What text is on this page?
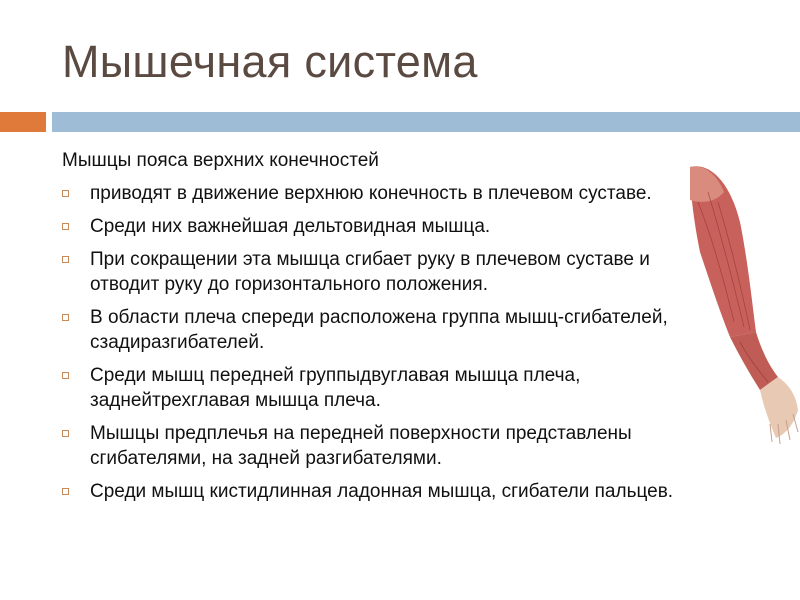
Мышечная система
Мышцы пояса верхних конечностей
приводят в движение верхнюю конечность в плечевом суставе.
Среди них важнейшая дельтовидная мышца.
При сокращении эта мышца сгибает руку в плечевом суставе и отводит руку до горизонтального положения.
В области плеча спереди расположена группа мышц-сгибателей, сзадиразгибателей.
Среди мышц передней группыдвуглавая мышца плеча, заднейтрехглавая мышца плеча.
Мышцы предплечья на передней поверхности представлены сгибателями, на задней разгибателями.
Среди мышц кистидлинная ладонная мышца, сгибатели пальцев.
